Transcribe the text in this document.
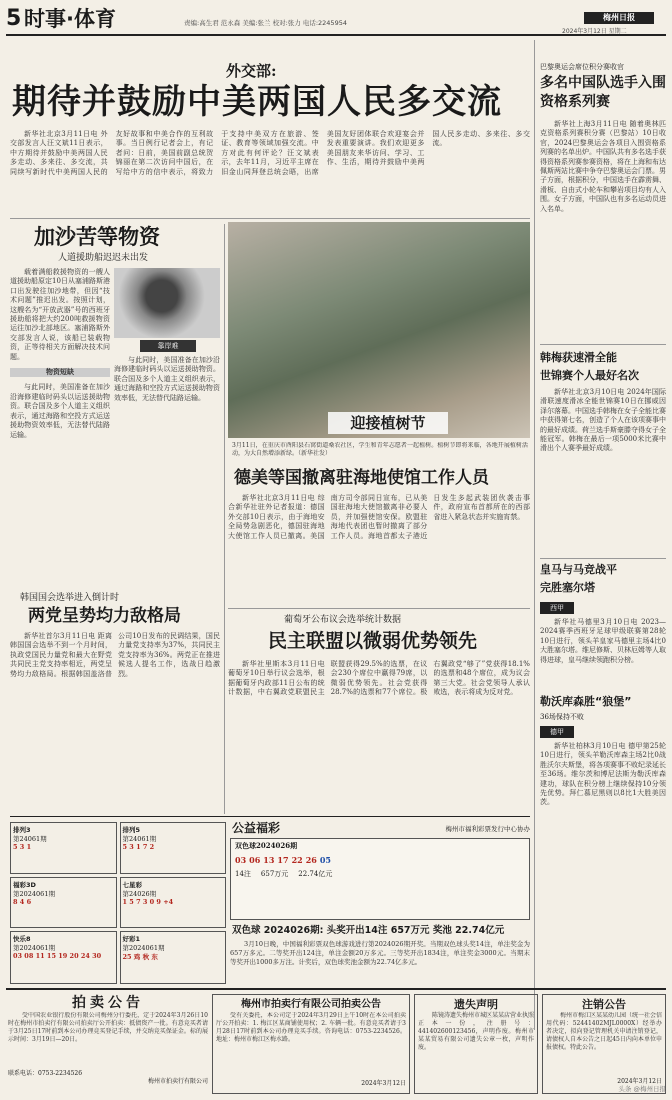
5 时事·体育	责编:高生君 范永森 美编:张兰 校对:张力 电话:2245954
梅州日报
2024年3月12日 星期二
外交部:
期待并鼓励中美两国人民多交流

新华社北京3月11日电 外交部发言人汪文斌11日表示，中方期待并鼓励中美两国人民多走动、多来往、多交流，共同续写新时代中美两国人民的友好故事和中美合作的互利故事。当日例行记者会上，有记者问：日前，美国前副总统贺锦丽在第二次访问中国后，在写给中方的信中表示，将致力于支持中美双方在旅游、签证、教育等领域加强交流。中方对此有何评论？汪文斌表示，去年11月，习近平主席在旧金山同拜登总统会晤，出席美国友好团体联合欢迎宴会并发表重要演讲。我们欢迎更多美国朋友来华访问、学习、工作、生活，期待并鼓励中美两国人民多走动、多来往、多交流。

加沙苦等物资
人道援助船迟迟未出发

载着满船救援物资的一艘人道援助船原定10日从塞浦路斯港口出发驶往加沙地带，但因“技术问题”推迟出发。按照计划，这艘名为“开放武器”号的西班牙援助船将把大约200吨救援物资运往加沙北部地区。塞浦路斯外交部发言人说，该船已装载物资，正等待相关方面解决技术问题。

物资短缺

与此同时，美国准备在加沙沿海修建临时码头以运送援助物资。联合国及多个人道主义组织表示，通过海路和空投方式运送援助物资效率低，无法替代陆路运输。

靠岸难

与此同时，美国准备在加沙沿海修建临时码头以运送援助物资。联合国及多个人道主义组织表示，通过海路和空投方式运送援助物资效率低，无法替代陆路运输。

迎接植树节
3月11日，在重庆市酉阳县石窝街道桑农社区，学生和青年志愿者一起植树。植树节即将来临，各地开展植树活动，为大自然增添新绿。（新华社发）
德美等国撤离驻海地使馆工作人员

新华社北京3月11日电 综合新华社驻外记者报道：德国外交部10日表示，由于海地安全局势急剧恶化，德国驻海地大使馆工作人员已撤离。美国南方司令部同日宣布，已从美国驻海地大使馆撤离非必要人员，并加强使馆安保。欧盟驻海地代表团也暂时撤离了部分工作人员。海地首都太子港近日发生多起武装团伙袭击事件，政府宣布首都所在的西部省进入紧急状态并实施宵禁。

韩国国会选举进入倒计时
两党呈势均力敌格局

新华社首尔3月11日电 距离韩国国会选举不到一个月时间，执政党国民力量党和最大在野党共同民主党支持率相近，两党呈势均力敌格局。根据韩国盖洛普公司10日发布的民调结果，国民力量党支持率为37%，共同民主党支持率为36%。两党正在推进候选人提名工作，选战日趋激烈。

葡萄牙公布议会选举统计数据
民主联盟以微弱优势领先

新华社里斯本3月11日电 葡萄牙10日举行议会选举，根据葡萄牙内政部11日公布的统计数据，中右翼政党联盟民主联盟获得29.5%的选票，在议会230个席位中赢得79席，以微弱优势领先。社会党获得28.7%的选票和77个席位。极右翼政党“够了”党获得18.1%的选票和48个席位，成为议会第三大党。社会党领导人承认败选，表示将成为反对党。

巴黎奥运会席位积分赛收官
多名中国队选手入围资格系列赛

新华社上海3月11日电 随着奥林匹克资格系列赛积分赛（巴黎站）10日收官，2024巴黎奥运会各项目入围资格系列赛的名单出炉。中国队共有多名选手获得资格系列赛参赛资格，将在上海和布达佩斯两站比赛中争夺巴黎奥运会门票。男子方面，根据积分，中国选手在霹雳舞、滑板、自由式小轮车和攀岩项目均有人入围。女子方面，中国队也有多名运动员进入名单。

韩梅获速滑全能
世锦赛个人最好名次

新华社北京3月10日电 2024年国际滑联速度滑冰全能世锦赛10日在挪威因泽尔落幕。中国选手韩梅在女子全能比赛中获得第七名，创造了个人在该项赛事中的最好成绩。荷兰选手斯豪滕夺得女子全能冠军。韩梅在最后一项5000米比赛中滑出个人赛季最好成绩。

皇马与马竞战平
完胜塞尔塔
西甲

新华社马德里3月10日电 2023—2024赛季西班牙足球甲级联赛第28轮10日进行，领头羊皇家马德里主场4比0大胜塞尔塔。维尼修斯、贝林厄姆等人取得进球，皇马继续领跑积分榜。

勒沃库森胜“狼堡”
36场保持不败
德甲

新华社柏林3月10日电 德甲第25轮10日进行，领头羊勒沃库森主场2比0战胜沃尔夫斯堡，将各项赛事不败纪录延长至36场。维尔茨和博尼法斯为勒沃库森建功，球队在积分榜上继续保持10分领先优势。拜仁慕尼黑则以8比1大胜美因茨。

排列3
第24061期
5 3 1
排列5
第24061期
5 3 1 7 2
福彩3D
第2024061期
8 4 6
七星彩
第24026期
1 5 7 3 0 9 +4
快乐8
第2024061期
03 08 11 15 19 20 24 30
好彩1
第2024061期
25 鸡 秋 东
公益福彩	梅州市福利彩票发行中心协办
双色球2024026期
03 06 13 17 22 26 05
14注 657万元 22.74亿元
双色球 2024026期: 头奖开出14注 657万元 奖池 22.74亿元

3月10日晚，中国福利彩票双色球游戏进行第2024026期开奖。当期双色球头奖14注，单注奖金为657万多元。二等奖开出124注，单注金额20万多元。三等奖开出1834注，单注奖金3000元。当期末等奖开出1000多万注。计奖后，双色球奖池金额为22.74亿多元。

拍卖公告

受中国农业银行股份有限公司梅州分行委托，定于2024年3月26日10时在梅州市拍卖行有限公司拍卖厅公开拍卖：抵债资产一批。有意竞买者请于3月25日17时前到本公司办理竞买登记手续，并交纳竞买保证金。标的展示时间：3月19日—20日。

联系电话：0753-2234526
梅州市拍卖行有限公司
梅州市拍卖行有限公司拍卖公告

受有关委托，本公司定于2024年3月29日上午10时在本公司拍卖厅公开拍卖：1. 梅江区某商铺使用权；2. 车辆一批。有意竞买者请于3月28日17时前到本公司办理竞买手续。咨询电话：0753-2234526。地址：梅州市梅江区梅水路。

2024年3月12日
遗失声明

陈镜涛遗失梅州市城区某某店营业执照正本一份，注册号：441402600123456，声明作废。梅州市某某贸易有限公司遗失公章一枚，声明作废。

注销公告

梅州市梅江区某某幼儿园（统一社会信用代码：52441402MJL0000X）经举办者决定，拟向登记管理机关申请注销登记，请债权人自本公告之日起45日内向本单位申报债权。特此公告。

2024年3月12日
头条 @梅州日报
